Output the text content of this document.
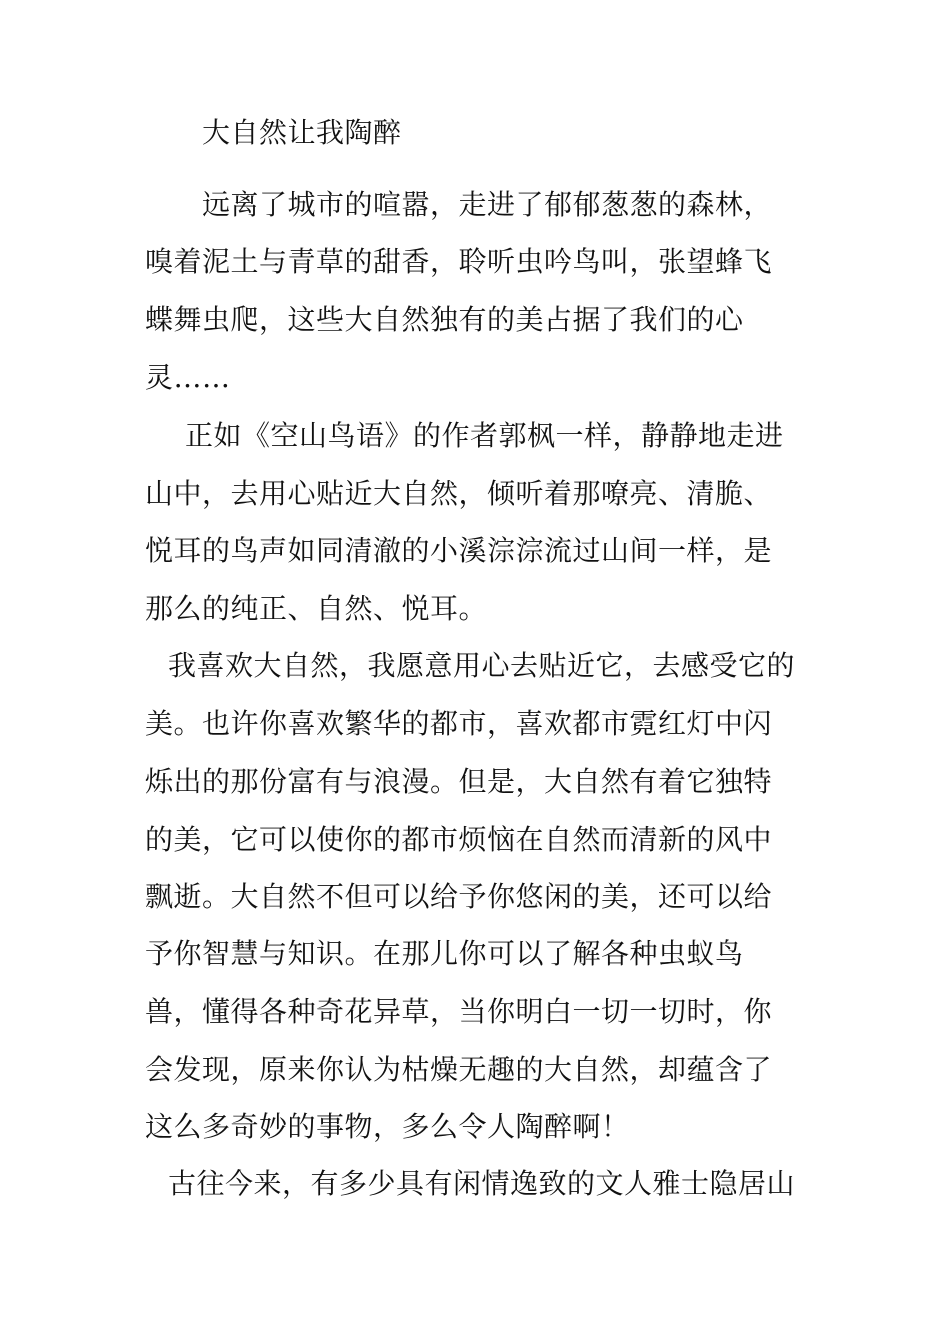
大自然让我陶醉
远离了城市的喧嚣，走进了郁郁葱葱的森林，
嗅着泥土与青草的甜香，聆听虫吟鸟叫，张望蜂飞
蝶舞虫爬，这些大自然独有的美占据了我们的心
灵……
正如《空山鸟语》的作者郭枫一样，静静地走进
山中，去用心贴近大自然，倾听着那嘹亮、清脆、
悦耳的鸟声如同清澈的小溪淙淙流过山间一样，是
那么的纯正、自然、悦耳。
我喜欢大自然，我愿意用心去贴近它，去感受它的
美。也许你喜欢繁华的都市，喜欢都市霓红灯中闪
烁出的那份富有与浪漫。但是，大自然有着它独特
的美，它可以使你的都市烦恼在自然而清新的风中
飘逝。大自然不但可以给予你悠闲的美，还可以给
予你智慧与知识。在那儿你可以了解各种虫蚁鸟
兽，懂得各种奇花异草，当你明白一切一切时，你
会发现，原来你认为枯燥无趣的大自然，却蕴含了
这么多奇妙的事物，多么令人陶醉啊！
古往今来，有多少具有闲情逸致的文人雅士隐居山
